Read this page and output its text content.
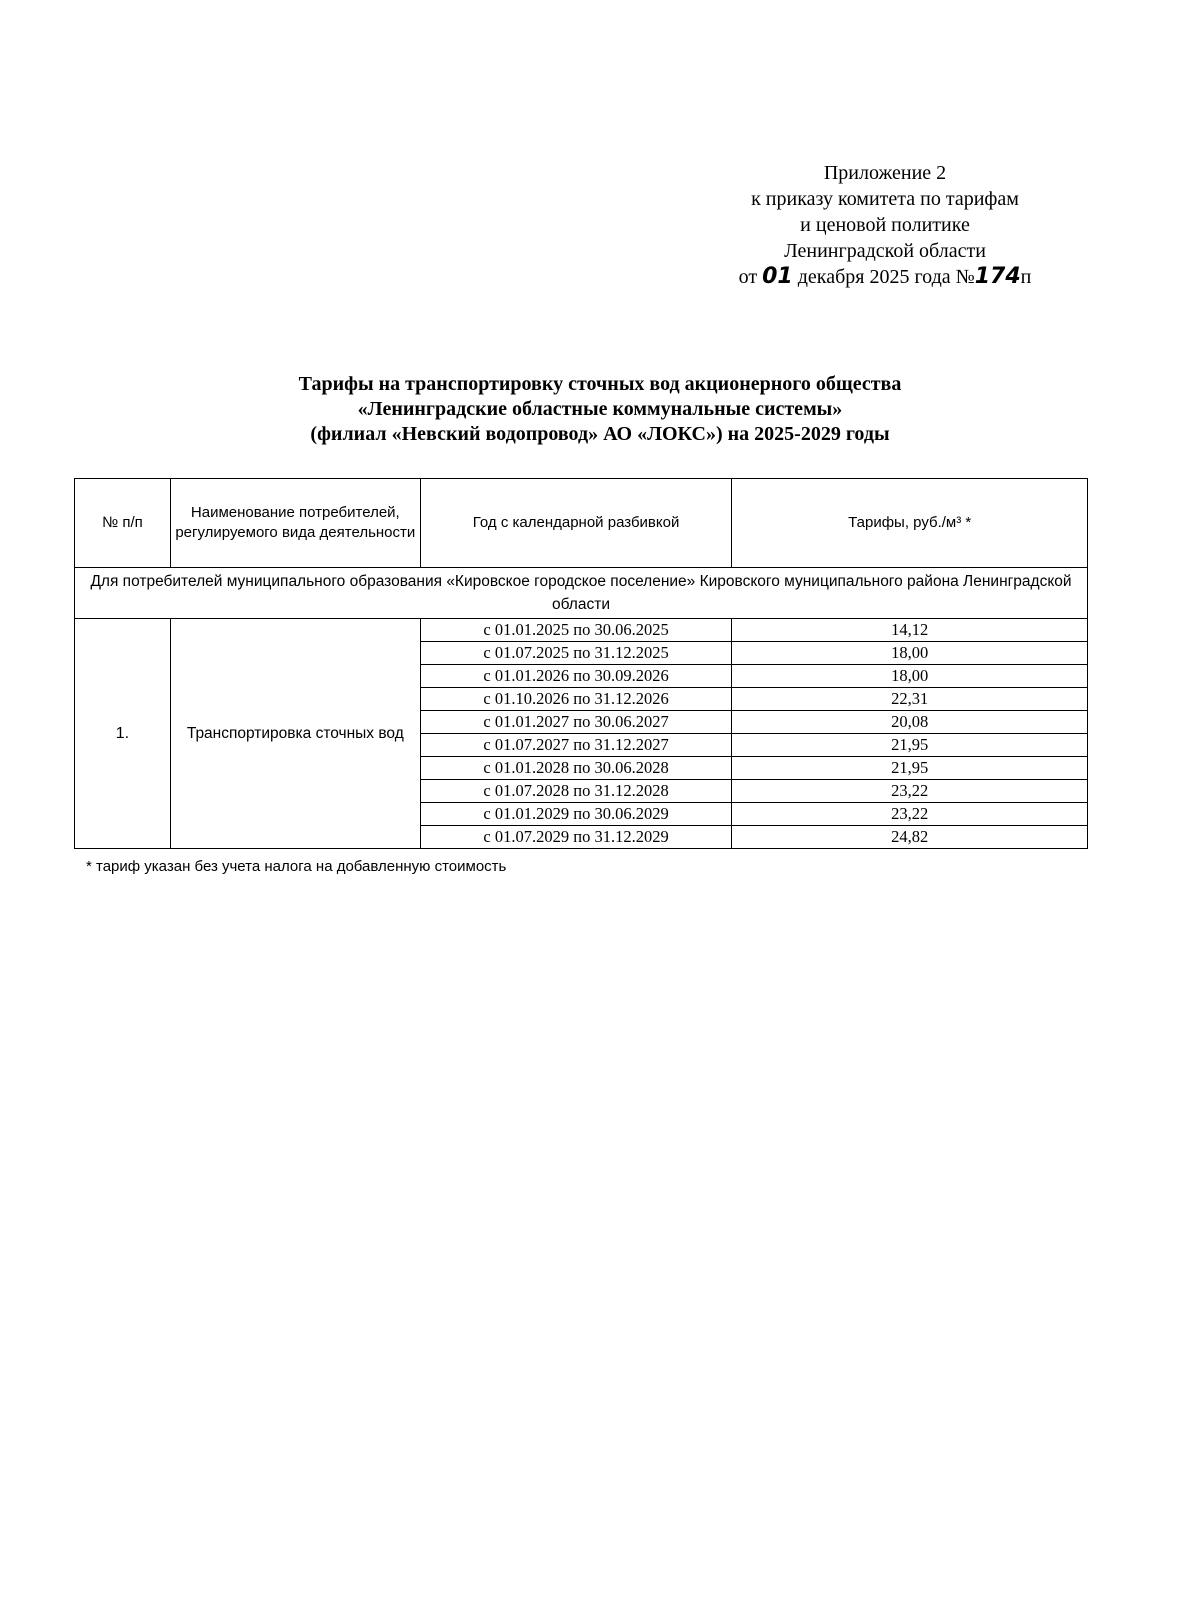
Приложение 2
к приказу комитета по тарифам
и ценовой политике
Ленинградской области
от 01 декабря 2025 года №174п
Тарифы на транспортировку сточных вод акционерного общества
«Ленинградские областные коммунальные системы»
(филиал «Невский водопровод» АО «ЛОКС») на 2025-2029 годы
№ п/п	Наименование потребителей, регулируемого вида деятельности	Год с календарной разбивкой	Тарифы, руб./м³ *
Для потребителей муниципального образования «Кировское городское поселение» Кировского муниципального района Ленинградской области			
1.	Транспортировка сточных вод	с 01.01.2025 по 30.06.2025	14,12
		с 01.07.2025 по 31.12.2025	18,00
		с 01.01.2026 по 30.09.2026	18,00
		с 01.10.2026 по 31.12.2026	22,31
		с 01.01.2027 по 30.06.2027	20,08
		с 01.07.2027 по 31.12.2027	21,95
		с 01.01.2028 по 30.06.2028	21,95
		с 01.07.2028 по 31.12.2028	23,22
		с 01.01.2029 по 30.06.2029	23,22
		с 01.07.2029 по 31.12.2029	24,82
* тариф указан без учета налога на добавленную стоимость
